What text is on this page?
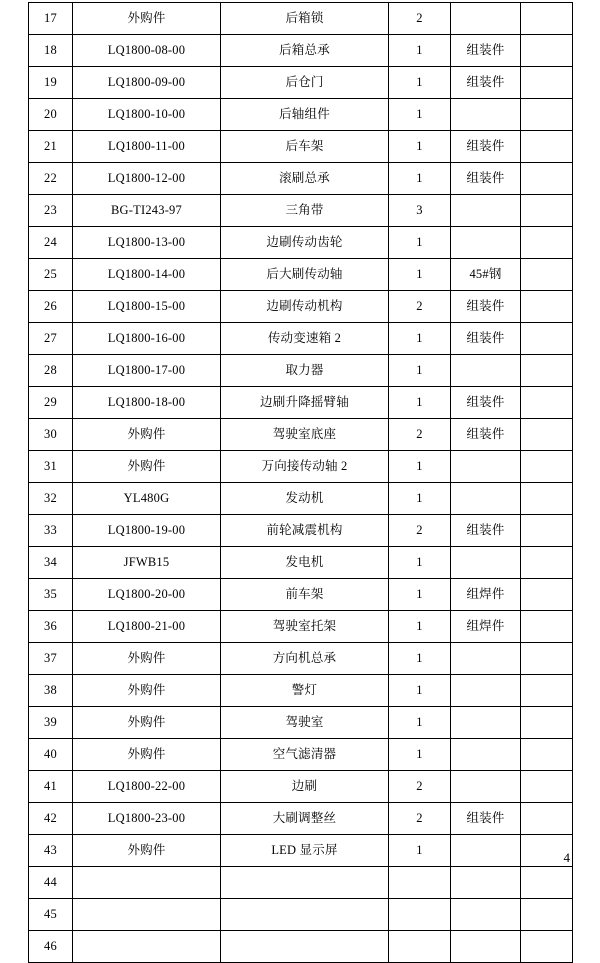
17	外购件	后箱锁	2		
18	LQ1800-08-00	后箱总承	1	组装件	
19	LQ1800-09-00	后仓门	1	组装件	
20	LQ1800-10-00	后轴组件	1		
21	LQ1800-11-00	后车架	1	组装件	
22	LQ1800-12-00	滚刷总承	1	组装件	
23	BG-TI243-97	三角带	3		
24	LQ1800-13-00	边刷传动齿轮	1		
25	LQ1800-14-00	后大刷传动轴	1	45#钢	
26	LQ1800-15-00	边刷传动机构	2	组装件	
27	LQ1800-16-00	传动变速箱 2	1	组装件	
28	LQ1800-17-00	取力器	1		
29	LQ1800-18-00	边刷升降摇臂轴	1	组装件	
30	外购件	驾驶室底座	2	组装件	
31	外购件	万向接传动轴 2	1		
32	YL480G	发动机	1		
33	LQ1800-19-00	前轮减震机构	2	组装件	
34	JFWB15	发电机	1		
35	LQ1800-20-00	前车架	1	组焊件	
36	LQ1800-21-00	驾驶室托架	1	组焊件	
37	外购件	方向机总承	1		
38	外购件	警灯	1		
39	外购件	驾驶室	1		
40	外购件	空气滤清器	1		
41	LQ1800-22-00	边刷	2		
42	LQ1800-23-00	大刷调整丝	2	组装件	
43	外购件	LED 显示屏	1		
44					
45					
46					
4
